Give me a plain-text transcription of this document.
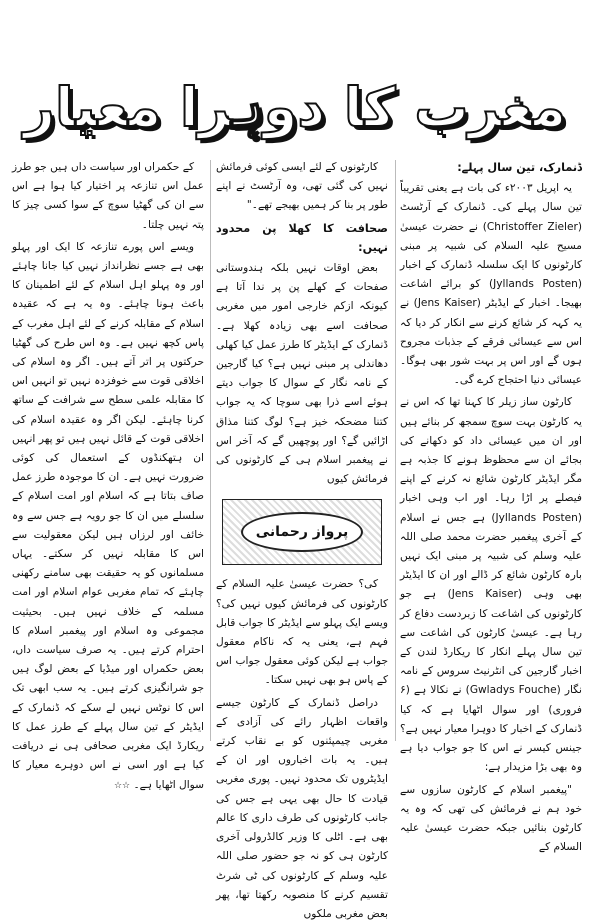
مغرب کا دوہرا معیار
ڈنمارک، تین سال پہلے:

یہ اپریل ۲۰۰۳ء کی بات ہے یعنی تقریباً تین سال پہلے کی۔ ڈنمارک کے آرٹسٹ (Christoffer Zieler) نے حضرت عیسیٰ مسیح علیہ السلام کی شبیہ پر مبنی کارٹونوں کا ایک سلسلہ ڈنمارک کے اخبار (Jyllands Posten) کو برائے اشاعت بھیجا۔ اخبار کے ایڈیٹر (Jens Kaiser) نے یہ کہہ کر شائع کرنے سے انکار کر دیا کہ اس سے عیسائی فرقے کے جذبات مجروح ہوں گے اور اس پر بہت شور بھی ہوگا۔ عیسائی دنیا احتجاج کرے گی۔

کارٹون ساز زیلر کا کہنا تھا کہ اس نے یہ کارٹون بہت سوچ سمجھ کر بنائے ہیں اور ان میں عیسائی داد کو دکھانے کی بجائے ان سے محظوظ ہونے کا جذبہ ہے مگر ایڈیٹر کارٹون شائع نہ کرنے کے اپنے فیصلے پر اڑا رہا۔ اور اب وہی اخبار (Jyllands Posten) ہے جس نے اسلام کے آخری پیغمبر حضرت محمد صلی اللہ علیہ وسلم کی شبیہ پر مبنی ایک نہیں بارہ کارٹون شائع کر ڈالے اور ان کا ایڈیٹر بھی وہی (Jens Kaiser) ہے جو کارٹونوں کی اشاعت کا زبردست دفاع کر رہا ہے۔ عیسیٰ کارٹون کی اشاعت سے تین سال پہلے انکار کا ریکارڈ لندن کے اخبار گارجین کی انٹرنیٹ سروس کے نامہ نگار (Gwladys Fouche) نے نکالا ہے (۶ فروری) اور سوال اٹھایا ہے کہ کیا ڈنمارک کے اخبار کا دوہرا معیار نہیں ہے؟ جینس کیسر نے اس کا جو جواب دیا ہے وہ بھی بڑا مزیدار ہے:

"پیغمبر اسلام کے کارٹون سازوں سے خود ہم نے فرمائش کی تھی کہ وہ یہ کارٹون بنائیں جبکہ حضرت عیسیٰ علیہ السلام کے

کارٹونوں کے لئے ایسی کوئی فرمائش نہیں کی گئی تھی، وہ آرٹسٹ نے اپنے طور پر بنا کر ہمیں بھیجے تھے۔"

صحافت کا کھلا پن محدود نہیں:

بعض اوقات نہیں بلکہ ہندوستانی صفحات کے کھلے پن پر ندا آتا ہے کیونکہ ازکم خارجی امور میں مغربی صحافت اسے بھی زیادہ کھلا ہے۔ ڈنمارک کے ایڈیٹر کا طرز عمل کیا کھلی دھاندلی پر مبنی نہیں ہے؟ کیا گارجین کے نامہ نگار کے سوال کا جواب دیتے ہوئے اسے ذرا بھی سوچا کہ یہ جواب کتنا مضحکہ خیز ہے؟ لوگ کتنا مذاق اڑائیں گے؟ اور پوچھیں گے کہ آخر اس نے پیغمبر اسلام ہی کے کارٹونوں کی فرمائش کیوں

پرواز رحمانی

کی؟ حضرت عیسیٰ علیہ السلام کے کارٹونوں کی فرمائش کیوں نہیں کی؟ ویسے ایک پہلو سے ایڈیٹر کا جواب قابل فہم ہے، یعنی یہ کہ ناکام معقول جواب ہے لیکن کوئی معقول جواب اس کے پاس ہو بھی نہیں سکتا۔

دراصل ڈنمارک کے کارٹون جیسے واقعات اظہار رائے کی آزادی کے مغربی چیمپئنوں کو بے نقاب کرتے ہیں۔ یہ بات اخباروں اور ان کے ایڈیٹروں تک محدود نہیں۔ پوری مغربی قیادت کا حال بھی یہی ہے جس کی جانب کارٹونوں کی طرف داری کا عالم بھی ہے۔ اٹلی کا وزیر کالڈرولی آخری کارٹون ہی کو نہ جو حضور صلی اللہ علیہ وسلم کے کارٹونوں کی ٹی شرٹ تقسیم کرنے کا منصوبہ رکھتا تھا، پھر بعض مغربی ملکوں

کے حکمراں اور سیاست داں ہیں جو طرز عمل اس تنازعہ پر اختیار کیا ہوا ہے اس سے ان کی گھٹیا سوچ کے سوا کسی چیز کا پتہ نہیں چلتا۔

ویسے اس پورے تنازعہ کا ایک اور پہلو بھی ہے جسے نظرانداز نہیں کیا جانا چاہئے اور وہ پہلو اہل اسلام کے لئے اطمینان کا باعث ہونا چاہئے۔ وہ یہ ہے کہ عقیدہ اسلام کے مقابلہ کرنے کے لئے اہل مغرب کے پاس کچھ نہیں ہے۔ وہ اس طرح کی گھٹیا حرکتوں پر اتر آتے ہیں۔ اگر وہ اسلام کی اخلاقی قوت سے خوفزدہ نہیں تو انہیں اس کا مقابلہ علمی سطح سے شرافت کے ساتھ کرنا چاہئے۔ لیکن اگر وہ عقیدہ اسلام کی اخلاقی قوت کے قائل نہیں ہیں تو پھر انہیں ان ہتھکنڈوں کے استعمال کی کوئی ضرورت نہیں ہے۔ ان کا موجودہ طرز عمل صاف بتاتا ہے کہ اسلام اور امت اسلام کے سلسلے میں ان کا جو رویہ ہے جس سے وہ خائف اور لرزاں ہیں لیکن معقولیت سے اس کا مقابلہ نہیں کر سکتے۔ یہاں مسلمانوں کو یہ حقیقت بھی سامنے رکھنی چاہئے کہ تمام مغربی عوام اسلام اور امت مسلمہ کے خلاف نہیں ہیں۔ بحیثیت مجموعی وہ اسلام اور پیغمبر اسلام کا احترام کرتے ہیں۔ یہ صرف سیاست داں، بعض حکمراں اور میڈیا کے بعض لوگ ہیں جو شرانگیزی کرتے ہیں۔ یہ سب ابھی تک اس کا نوٹس نہیں لے سکے کہ ڈنمارک کے ایڈیٹر کے تین سال پہلے کے طرز عمل کا ریکارڈ ایک مغربی صحافی ہی نے دریافت کیا ہے اور اسی نے اس دوہرے معیار کا سوال اٹھایا ہے۔ ☆☆
